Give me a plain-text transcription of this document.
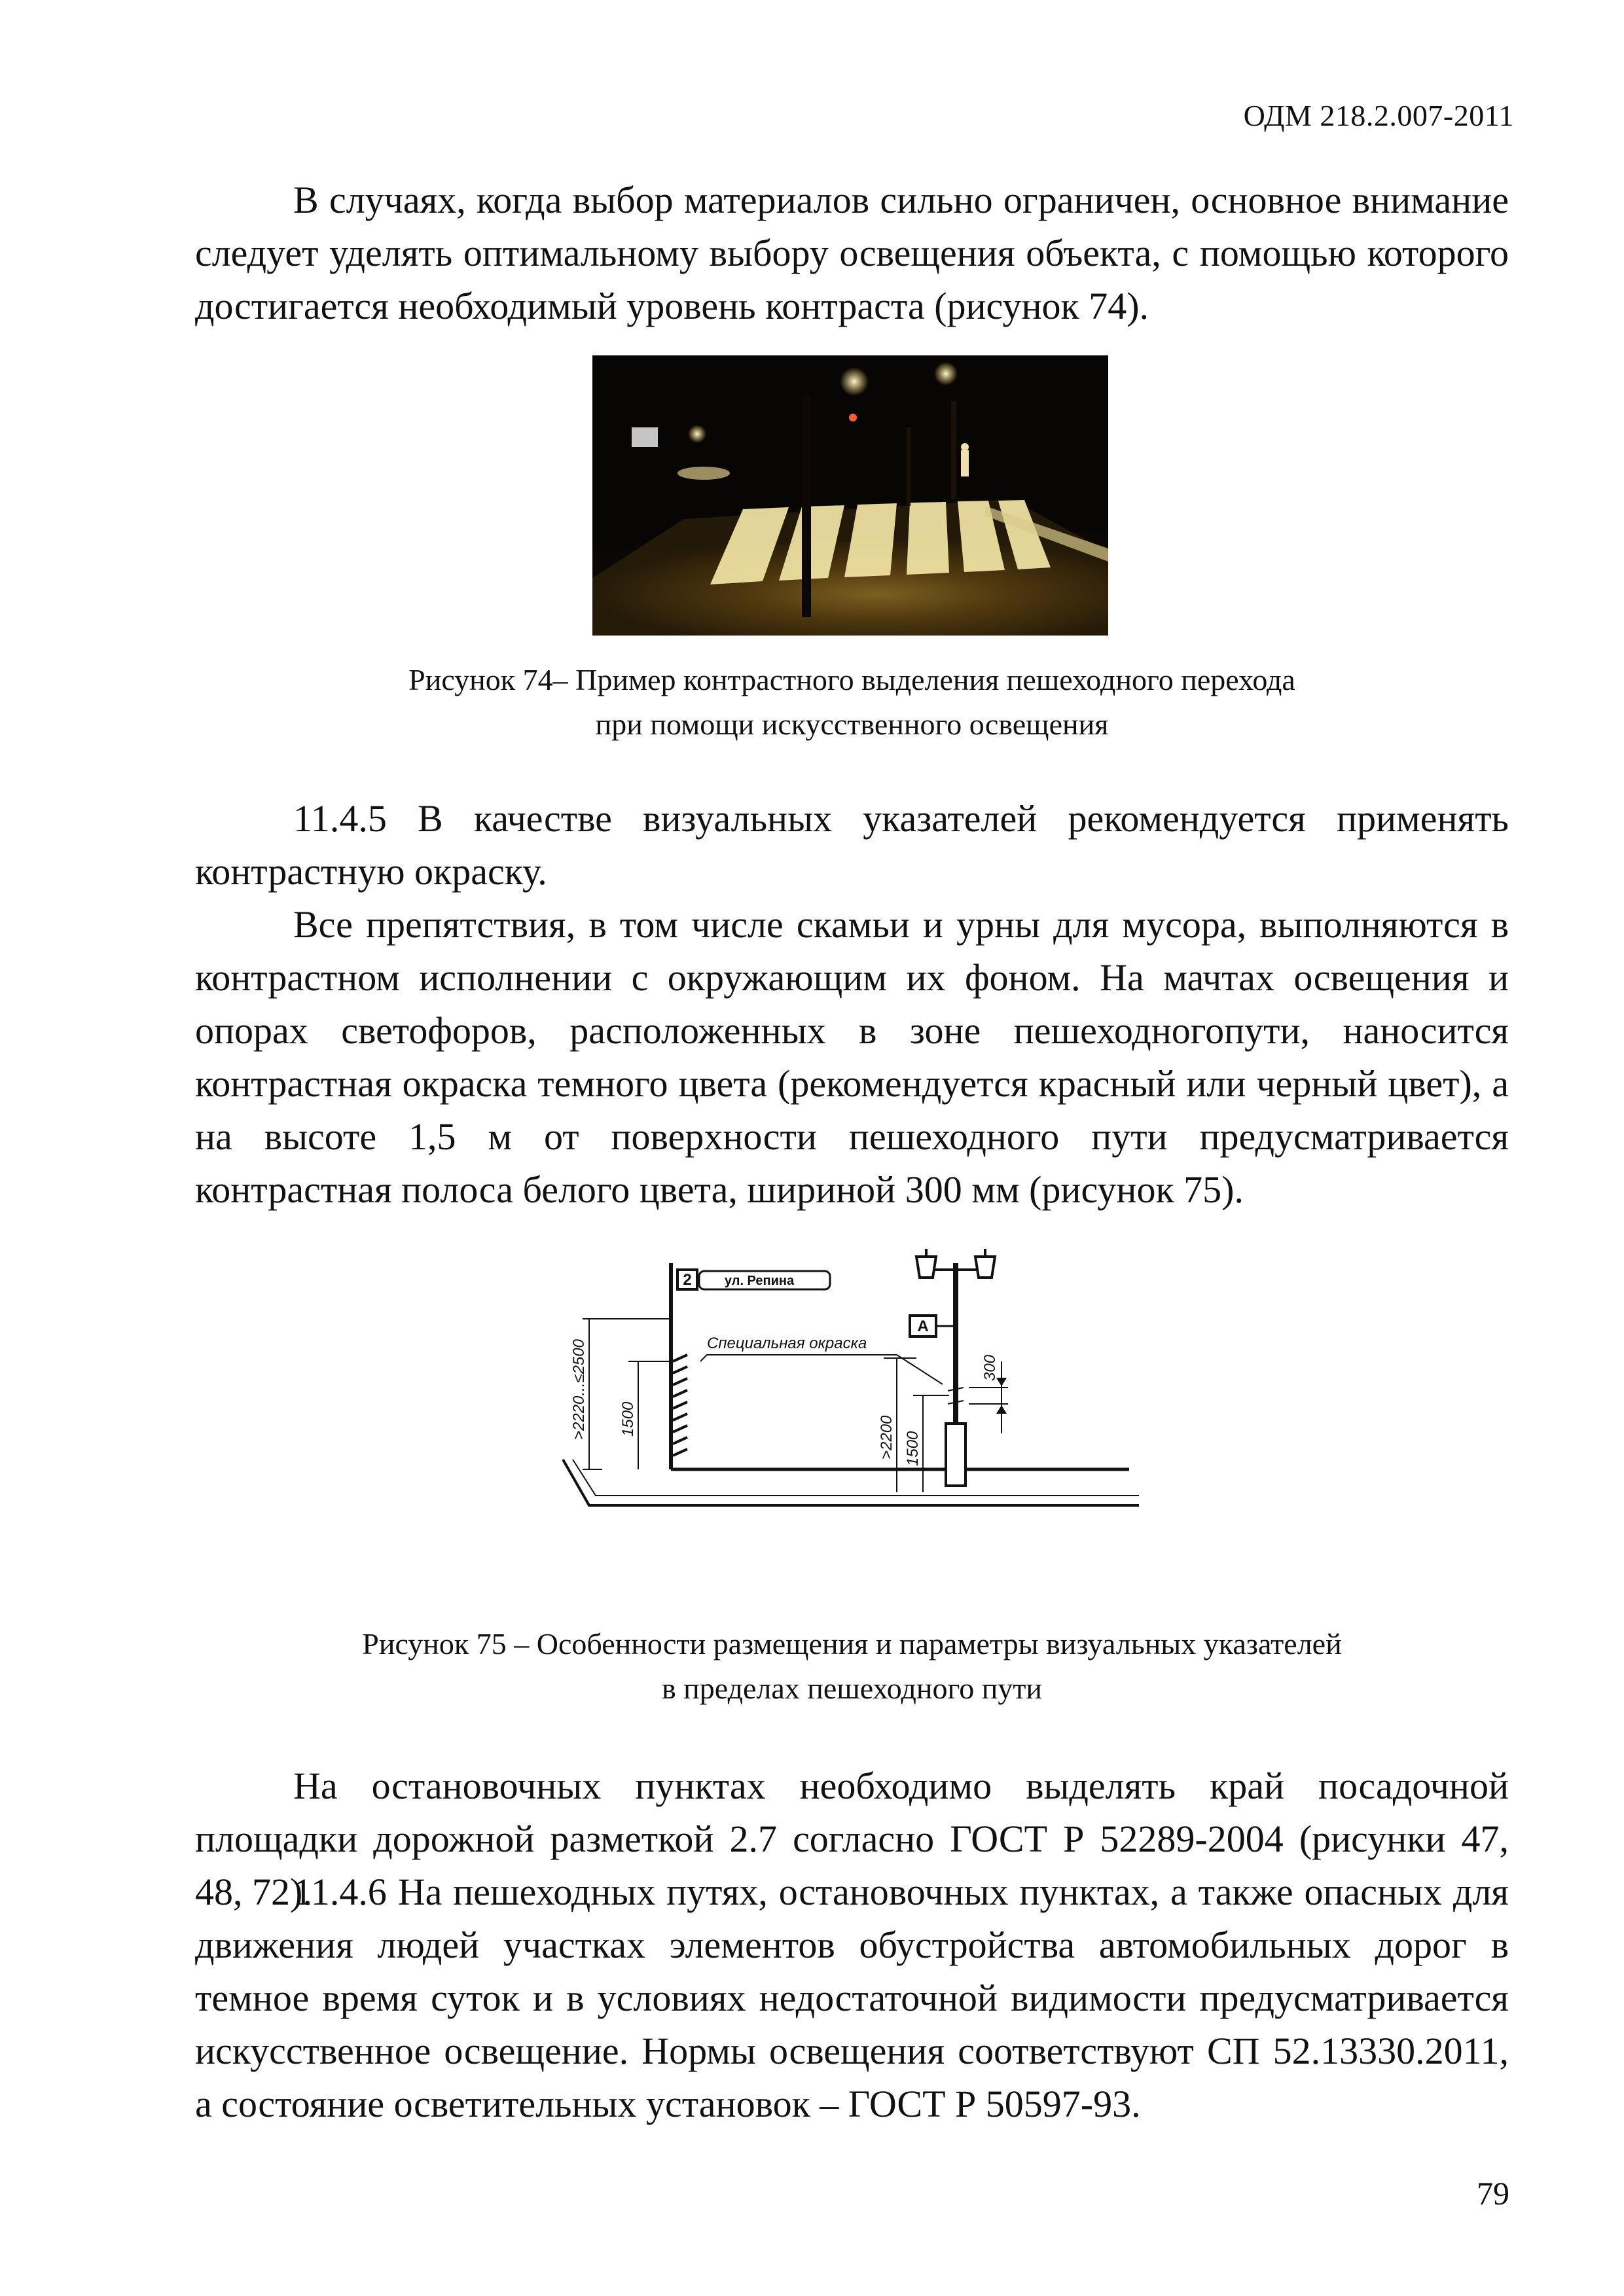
ОДМ 218.2.007-2011

В случаях, когда выбор материалов сильно ограничен, основное внимание следует уделять оптимальному выбору освещения объекта, с помощью которого достигается необходимый уровень контраста (рисунок 74).

Рисунок 74– Пример контрастного выделения пешеходного перехода
при помощи искусственного освещения

11.4.5 В качестве визуальных указателей рекомендуется применять контрастную окраску.

Все препятствия, в том числе скамьи и урны для мусора, выполняются в контрастном исполнении с окружающим их фоном. На мачтах освещения и опорах светофоров, расположенных в зоне пешеходногопути, наносится контрастная окраска темного цвета (рекомендуется красный или черный цвет), а на высоте 1,5 м от поверхности пешеходного пути предусматривается контрастная полоса белого цвета, шириной 300 мм (рисунок 75).

2	ул. Репина
Специальная окраска
А
>2220...≤2500 1500	>2200 1500
300
Рисунок 75 – Особенности размещения и параметры визуальных указателей
в пределах пешеходного пути

На остановочных пунктах необходимо выделять край посадочной площадки дорожной разметкой 2.7 согласно ГОСТ Р 52289-2004 (рисунки 47, 48, 72).

11.4.6 На пешеходных путях, остановочных пунктах, а также опасных для движения людей участках элементов обустройства автомобильных дорог в темное время суток и в условиях недостаточной видимости предусматривается искусственное освещение. Нормы освещения соответствуют СП 52.13330.2011, а состояние осветительных установок – ГОСТ Р 50597-93.

79
